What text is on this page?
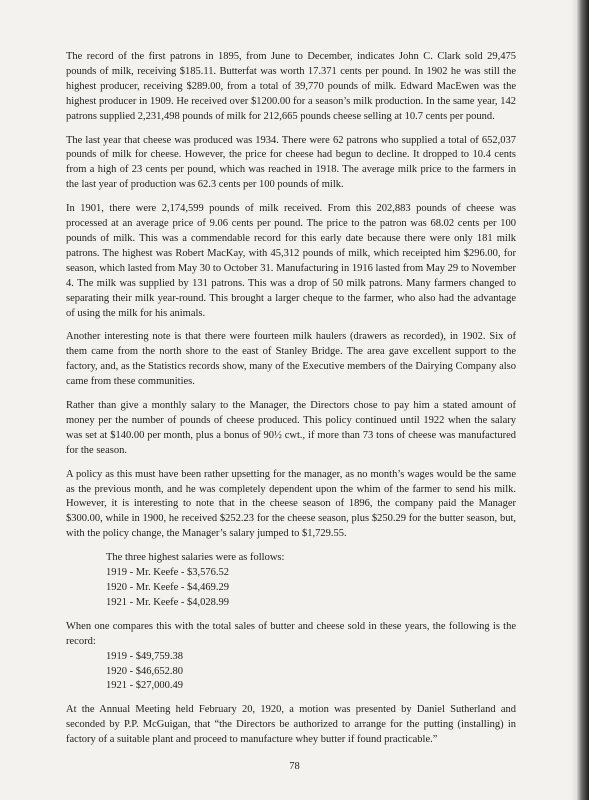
The record of the first patrons in 1895, from June to December, indicates John C. Clark sold 29,475 pounds of milk, receiving $185.11. Butterfat was worth 17.371 cents per pound. In 1902 he was still the highest producer, receiving $289.00, from a total of 39,770 pounds of milk. Edward MacEwen was the highest producer in 1909. He received over $1200.00 for a season’s milk production. In the same year, 142 patrons supplied 2,231,498 pounds of milk for 212,665 pounds cheese selling at 10.7 cents per pound.

The last year that cheese was produced was 1934. There were 62 patrons who supplied a total of 652,037 pounds of milk for cheese. However, the price for cheese had begun to decline. It dropped to 10.4 cents from a high of 23 cents per pound, which was reached in 1918. The average milk price to the farmers in the last year of production was 62.3 cents per 100 pounds of milk.

In 1901, there were 2,174,599 pounds of milk received. From this 202,883 pounds of cheese was processed at an average price of 9.06 cents per pound. The price to the patron was 68.02 cents per 100 pounds of milk. This was a commendable record for this early date because there were only 181 milk patrons. The highest was Robert MacKay, with 45,312 pounds of milk, which receipted him $296.00, for season, which lasted from May 30 to October 31. Manufacturing in 1916 lasted from May 29 to November 4. The milk was supplied by 131 patrons. This was a drop of 50 milk patrons. Many farmers changed to separating their milk year-round. This brought a larger cheque to the farmer, who also had the advantage of using the milk for his animals.

Another interesting note is that there were fourteen milk haulers (drawers as recorded), in 1902. Six of them came from the north shore to the east of Stanley Bridge. The area gave excellent support to the factory, and, as the Statistics records show, many of the Executive members of the Dairying Company also came from these communities.

Rather than give a monthly salary to the Manager, the Directors chose to pay him a stated amount of money per the number of pounds of cheese produced. This policy continued until 1922 when the salary was set at $140.00 per month, plus a bonus of 90½ cwt., if more than 73 tons of cheese was manufactured for the season.

A policy as this must have been rather upsetting for the manager, as no month’s wages would be the same as the previous month, and he was completely dependent upon the whim of the farmer to send his milk. However, it is interesting to note that in the cheese season of 1896, the company paid the Manager $300.00, while in 1900, he received $252.23 for the cheese season, plus $250.29 for the butter season, but, with the policy change, the Manager’s salary jumped to $1,729.55.

The three highest salaries were as follows:
1919 - Mr. Keefe - $3,576.52
1920 - Mr. Keefe - $4,469.29
1921 - Mr. Keefe - $4,028.99

When one compares this with the total sales of butter and cheese sold in these years, the following is the record:

1919 - $49,759.38
1920 - $46,652.80
1921 - $27,000.49

At the Annual Meeting held February 20, 1920, a motion was presented by Daniel Sutherland and seconded by P.P. McGuigan, that “the Directors be authorized to arrange for the putting (installing) in factory of a suitable plant and proceed to manufacture whey butter if found practicable.”

78
